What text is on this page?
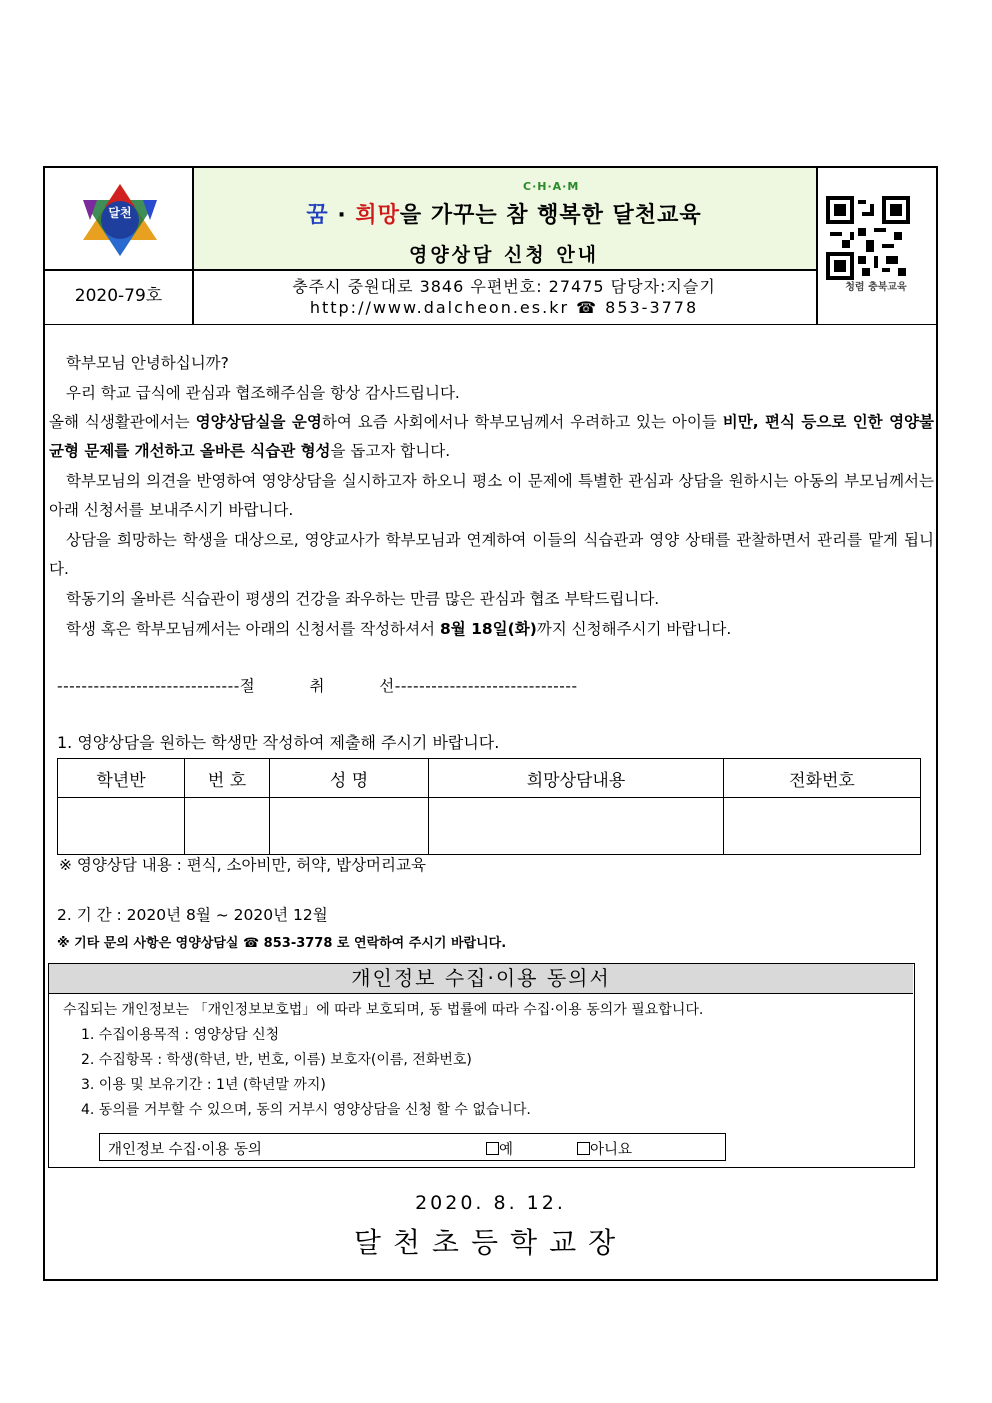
달천
C·H·A·M
꿈 · 희망을 가꾸는 참 행복한 달천교육
영양상담 신청 안내
2020-79호	충주시 중원대로 3846 우편번호: 27475 담당자:지슬기
http://www.dalcheon.es.kr ☎ 853-3778
청렴 충북교육
학부모님 안녕하십니까?
우리 학교 급식에 관심과 협조해주심을 항상 감사드립니다.
올해 식생활관에서는 영양상담실을 운영하여 요즘 사회에서나 학부모님께서 우려하고 있는 아이들 비만, 편식 등으로 인한 영양불균형 문제를 개선하고 올바른 식습관 형성을 돕고자 합니다.
학부모님의 의견을 반영하여 영양상담을 실시하고자 하오니 평소 이 문제에 특별한 관심과 상담을 원하시는 아동의 부모님께서는 아래 신청서를 보내주시기 바랍니다.
상담을 희망하는 학생을 대상으로, 영양교사가 학부모님과 연계하여 이들의 식습관과 영양 상태를 관찰하면서 관리를 맡게 됩니다.
학동기의 올바른 식습관이 평생의 건강을 좌우하는 만큼 많은 관심과 협조 부탁드립니다.
학생 혹은 학부모님께서는 아래의 신청서를 작성하셔서 8월 18일(화)까지 신청해주시기 바랍니다.
------------------------------절          취          선------------------------------
1. 영양상담을 원하는 학생만 작성하여 제출해 주시기 바랍니다.
학년반	번 호	성 명	희망상담내용	전화번호

※ 영양상담 내용 : 편식, 소아비만, 허약, 밥상머리교육
2. 기 간 : 2020년 8월 ~ 2020년 12월
※ 기타 문의 사항은 영양상담실 ☎ 853-3778 로 연락하여 주시기 바랍니다.
개인정보 수집·이용 동의서
수집되는 개인정보는 「개인정보보호법」에 따라 보호되며, 동 법률에 따라 수집·이용 동의가 필요합니다.
1. 수집이용목적 : 영양상담 신청
2. 수집항목 : 학생(학년, 반, 번호, 이름) 보호자(이름, 전화번호)
3. 이용 및 보유기간 : 1년 (학년말 까지)
4. 동의를 거부할 수 있으며, 동의 거부시 영양상담을 신청 할 수 없습니다.
개인정보 수집·이용 동의	예	아니요
2020. 8. 12.
달천초등학교장
